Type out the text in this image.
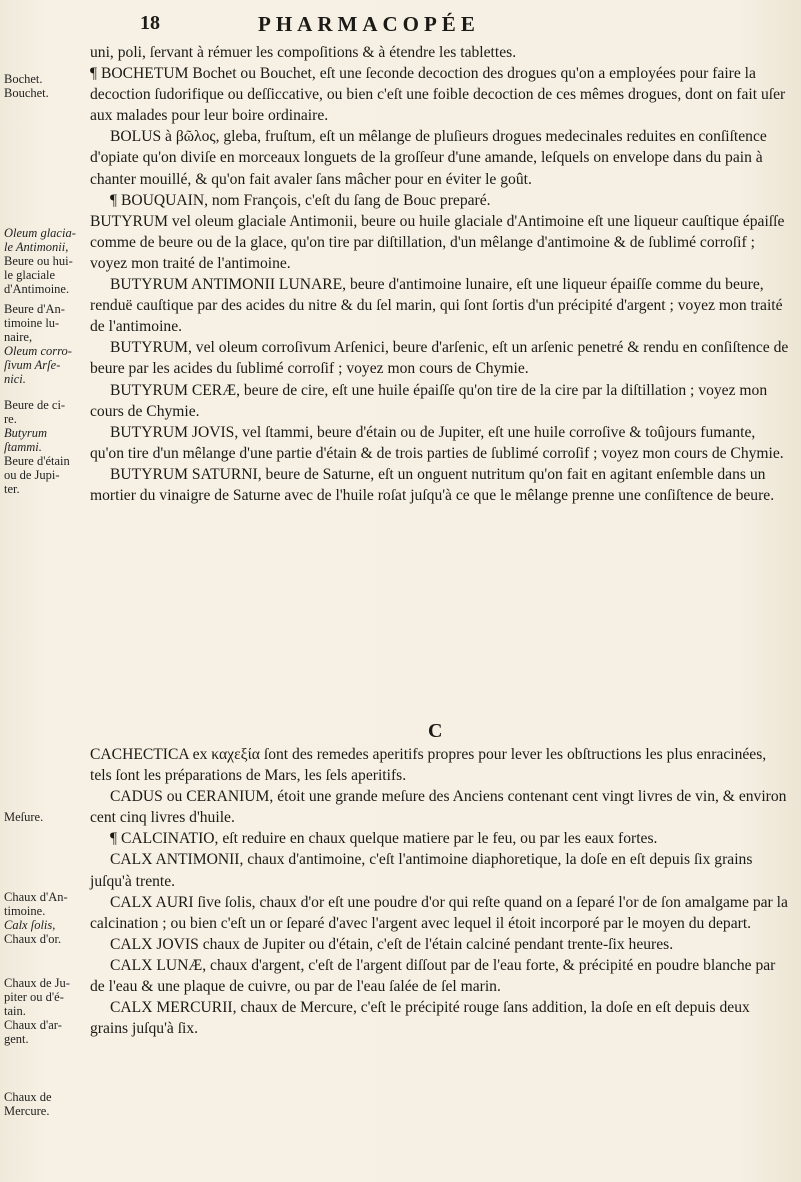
18	PHARMACOPÉE
Bochet.
Bouchet.
Oleum glacia-
le Antimonii,
Beure ou hui-
le glaciale
d'Antimoine.
Beure d'An-
timoine lu-
naire,
Oleum corro-
ſivum Arſe-
nici.
Beure de ci-
re.
Butyrum
ſtammi.
Beure d'étain
ou de Jupi-
ter.
Meſure.
Chaux d'An-
timoine.
Calx ſolis,
Chaux d'or.
Chaux de Ju-
piter ou d'é-
tain.
Chaux d'ar-
gent.
Chaux de
Mercure.

uni, poli, ſervant à rémuer les compoſitions & à étendre les tablettes.

¶ BOCHETUM Bochet ou Bouchet, eſt une ſeconde decoction des drogues qu'on a employées pour faire la decoction ſudorifique ou deſſiccative, ou bien c'eſt une foible decoction de ces mêmes drogues, dont on fait uſer aux malades pour leur boire ordinaire.

BOLUS à βῶλος, gleba, fruſtum, eſt un mêlange de pluſieurs drogues medecinales reduites en conſiſtence d'opiate qu'on diviſe en morceaux longuets de la groſſeur d'une amande, leſquels on envelope dans du pain à chanter mouillé, & qu'on fait avaler ſans mâcher pour en éviter le goût.

¶ BOUQUAIN, nom François, c'eſt du ſang de Bouc preparé.

BUTYRUM vel oleum glaciale Antimonii, beure ou huile glaciale d'Antimoine eſt une liqueur cauſtique épaiſſe comme de beure ou de la glace, qu'on tire par diſtillation, d'un mêlange d'antimoine & de ſublimé corroſif ; voyez mon traité de l'antimoine.

BUTYRUM ANTIMONII LUNARE, beure d'antimoine lunaire, eſt une liqueur épaiſſe comme du beure, renduë cauſtique par des acides du nitre & du ſel marin, qui ſont ſortis d'un précipité d'argent ; voyez mon traité de l'antimoine.

BUTYRUM, vel oleum corroſivum Arſenici, beure d'arſenic, eſt un arſenic penetré & rendu en conſiſtence de beure par les acides du ſublimé corroſif ; voyez mon cours de Chymie.

BUTYRUM CERÆ, beure de cire, eſt une huile épaiſſe qu'on tire de la cire par la diſtillation ; voyez mon cours de Chymie.

BUTYRUM JOVIS, vel ſtammi, beure d'étain ou de Jupiter, eſt une huile corroſive & toûjours fumante, qu'on tire d'un mêlange d'une partie d'étain & de trois parties de ſublimé corroſif ; voyez mon cours de Chymie.

BUTYRUM SATURNI, beure de Saturne, eſt un onguent nutritum qu'on fait en agitant enſemble dans un mortier du vinaigre de Saturne avec de l'huile roſat juſqu'à ce que le mêlange prenne une conſiſtence de beure.

C

CACHECTICA ex καχεξία ſont des remedes aperitifs propres pour lever les obſtructions les plus enracinées, tels ſont les préparations de Mars, les ſels aperitifs.

CADUS ou CERANIUM, étoit une grande meſure des Anciens contenant cent vingt livres de vin, & environ cent cinq livres d'huile.

¶ CALCINATIO, eſt reduire en chaux quelque matiere par le feu, ou par les eaux fortes.

CALX ANTIMONII, chaux d'antimoine, c'eſt l'antimoine diaphoretique, la doſe en eſt depuis ſix grains juſqu'à trente.

CALX AURI ſive ſolis, chaux d'or eſt une poudre d'or qui reſte quand on a ſeparé l'or de ſon amalgame par la calcination ; ou bien c'eſt un or ſeparé d'avec l'argent avec lequel il étoit incorporé par le moyen du depart.

CALX JOVIS chaux de Jupiter ou d'étain, c'eſt de l'étain calciné pendant trente-ſix heures.

CALX LUNÆ, chaux d'argent, c'eſt de l'argent diſſout par de l'eau forte, & précipité en poudre blanche par de l'eau & une plaque de cuivre, ou par de l'eau ſalée de ſel marin.

CALX MERCURII, chaux de Mercure, c'eſt le précipité rouge ſans addition, la doſe en eſt depuis deux grains juſqu'à ſix.
